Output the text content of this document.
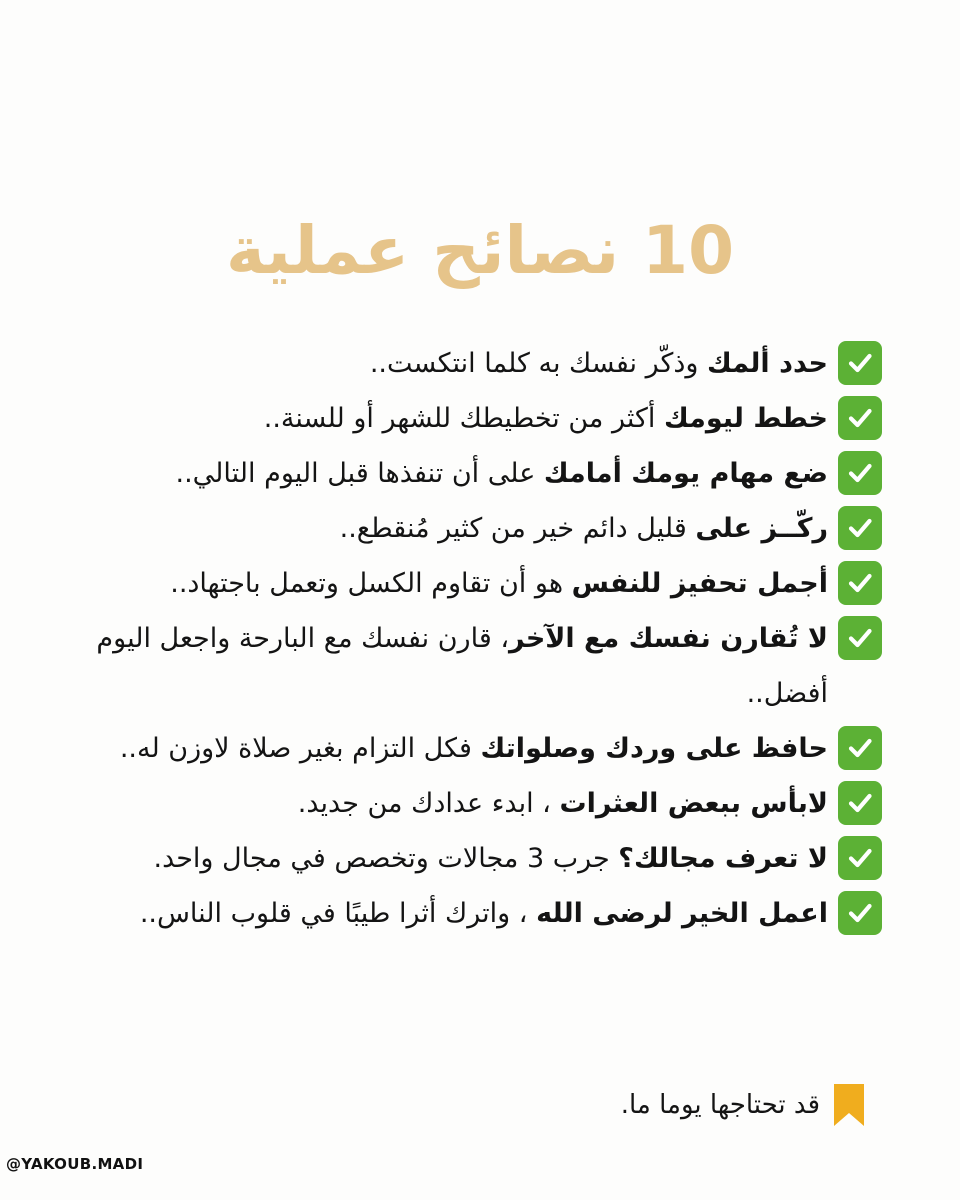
10 نصائح عملية
حدد ألمك وذكّر نفسك به كلما انتكست..
خطط ليومك أكثر من تخطيطك للشهر أو للسنة..
ضع مهام يومك أمامك على أن تنفذها قبل اليوم التالي..
ركّــز على قليل دائم خير من كثير مُنقطع..
أجمل تحفيز للنفس هو أن تقاوم الكسل وتعمل باجتهاد..
لا تُقارن نفسك مع الآخر، قارن نفسك مع البارحة واجعل اليوم أفضل..
حافظ على وردك وصلواتك فكل التزام بغير صلاة لاوزن له..
لابأس ببعض العثرات ، ابدء عدادك من جديد.
لا تعرف مجالك؟ جرب 3 مجالات وتخصص في مجال واحد.
اعمل الخير لرضى الله ، واترك أثرا طيبًا في قلوب الناس..
قد تحتاجها يوما ما.
@YAKOUB.MADI
